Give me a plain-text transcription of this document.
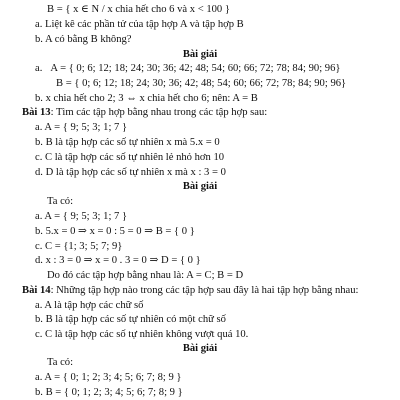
B = { x ∈ N / x chia hết cho 6 và x < 100 }
a. Liệt kê các phần tử của tập hợp A và tập hợp B
b. A có bằng B không?
Bài giải
a. A = { 0; 6; 12; 18; 24; 30; 36; 42; 48; 54; 60; 66; 72; 78; 84; 90; 96}
B = { 0; 6; 12; 18; 24; 30; 36; 42; 48; 54; 60; 66; 72; 78; 84; 90; 96}
b. x chia hết cho 2; 3 ⇔ x chia hết cho 6; nên: A = B
Bài 13: Tìm các tập hợp bằng nhau trong các tập hợp sau:
a. A = { 9; 5; 3; 1; 7 }
b. B là tập hợp các số tự nhiên x mà 5.x = 0
c. C là tập hợp các số tự nhiên lẻ nhỏ hơn 10
d. D là tập hợp các số tự nhiên x mà x : 3 = 0
Bài giải
Ta có:
a. A = { 9; 5; 3; 1; 7 }
b. 5.x = 0 ⇒ x = 0 : 5 = 0 ⇒ B = { 0 }
c. C = {1; 3; 5; 7; 9}
d. x : 3 = 0 ⇒ x = 0 . 3 = 0 ⇒ D = { 0 }
Do đó các tập hợp bằng nhau là: A = C; B = D
Bài 14: Những tập hợp nào trong các tập hợp sau đây là hai tập hợp bằng nhau:
a. A là tập hợp các chữ số
b. B là tập hợp các số tự nhiên có một chữ số
c. C là tập hợp các số tự nhiên không vượt quá 10.
Bài giải
Ta có:
a. A = { 0; 1; 2; 3; 4; 5; 6; 7; 8; 9 }
b. B = { 0; 1; 2; 3; 4; 5; 6; 7; 8; 9 }
